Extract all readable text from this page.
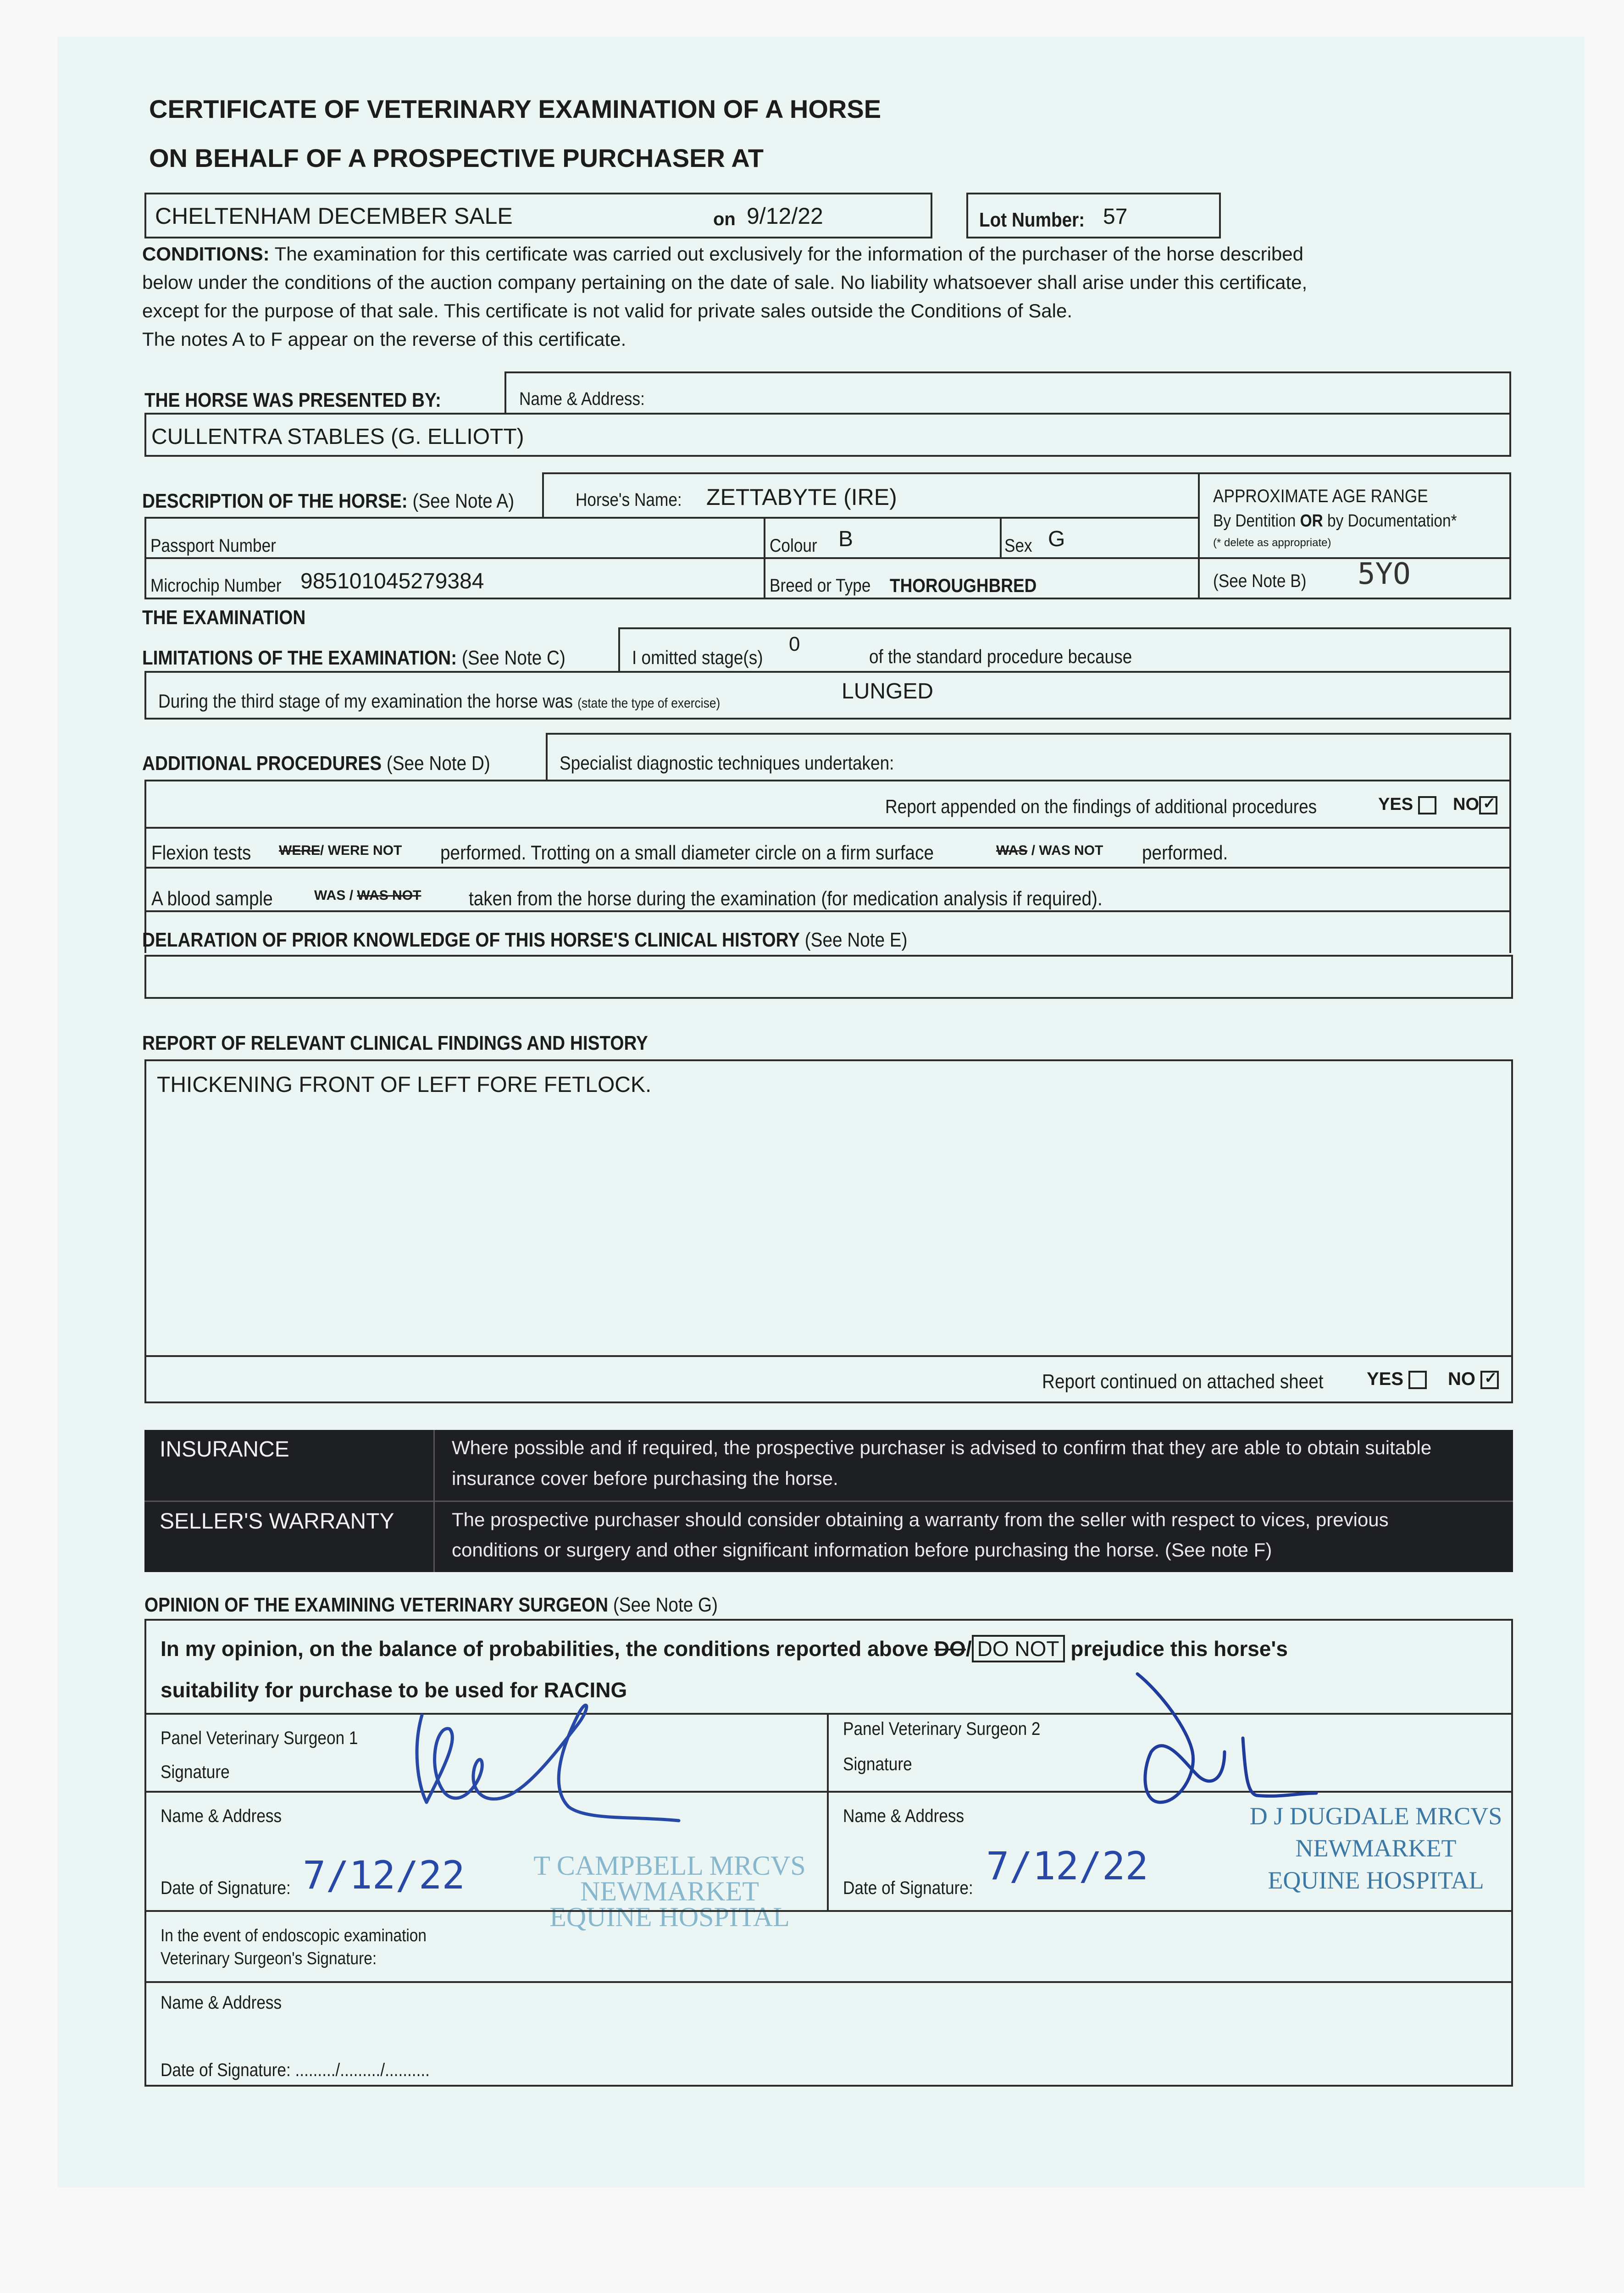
CERTIFICATE OF VETERINARY EXAMINATION OF A HORSE
ON BEHALF OF A PROSPECTIVE PURCHASER AT
CHELTENHAM DECEMBER SALE	on 9/12/22	Lot Number: 57
CONDITIONS: The examination for this certificate was carried out exclusively for the information of the purchaser of the horse described
below under the conditions of the auction company pertaining on the date of sale. No liability whatsoever shall arise under this certificate,
except for the purpose of that sale. This certificate is not valid for private sales outside the Conditions of Sale.
The notes A to F appear on the reverse of this certificate.
THE HORSE WAS PRESENTED BY:	Name & Address:
CULLENTRA STABLES (G. ELLIOTT)
DESCRIPTION OF THE HORSE: (See Note A)	Horse's Name: ZETTABYTE (IRE)	APPROXIMATE AGE RANGE
By Dentition OR by Documentation*
(* delete as appropriate)
Passport Number	Colour B	Sex G
Microchip Number 985101045279384	Breed or Type THOROUGHBRED	(See Note B) 5YO
THE EXAMINATION
LIMITATIONS OF THE EXAMINATION: (See Note C)	I omitted stage(s)
0
of the standard procedure because
During the third stage of my examination the horse was (state the type of exercise)	LUNGED
ADDITIONAL PROCEDURES (See Note D)	Specialist diagnostic techniques undertaken:
Report appended on the findings of additional procedures	YES	NO✓
Flexion tests WERE/ WERE NOT performed. Trotting on a small diameter circle on a firm surface	WAS / WAS NOT performed.
A blood sample	WAS / WAS NOT taken from the horse during the examination (for medication analysis if required).
DELARATION OF PRIOR KNOWLEDGE OF THIS HORSE'S CLINICAL HISTORY (See Note E)
REPORT OF RELEVANT CLINICAL FINDINGS AND HISTORY
THICKENING FRONT OF LEFT FORE FETLOCK.
Report continued on attached sheet YES	NO ✓
INSURANCE	Where possible and if required, the prospective purchaser is advised to confirm that they are able to obtain suitable
insurance cover before purchasing the horse.
SELLER'S WARRANTY	The prospective purchaser should consider obtaining a warranty from the seller with respect to vices, previous
conditions or surgery and other significant information before purchasing the horse. (See note F)
OPINION OF THE EXAMINING VETERINARY SURGEON (See Note G)
In my opinion, on the balance of probabilities, the conditions reported above DO/ DO NOT prejudice this horse's
suitability for purchase to be used for RACING
Panel Veterinary Surgeon 1
Signature
Panel Veterinary Surgeon 2
Signature
Name & Address	Name & Address
Date of Signature:	Date of Signature:
7/12/22	7/12/22
T CAMPBELL MRCVS
NEWMARKET
EQUINE HOSPITAL
D J DUGDALE MRCVS
NEWMARKET
EQUINE HOSPITAL
In the event of endoscopic examination
Veterinary Surgeon's Signature:
Name & Address
Date of Signature: ........./........./..........
